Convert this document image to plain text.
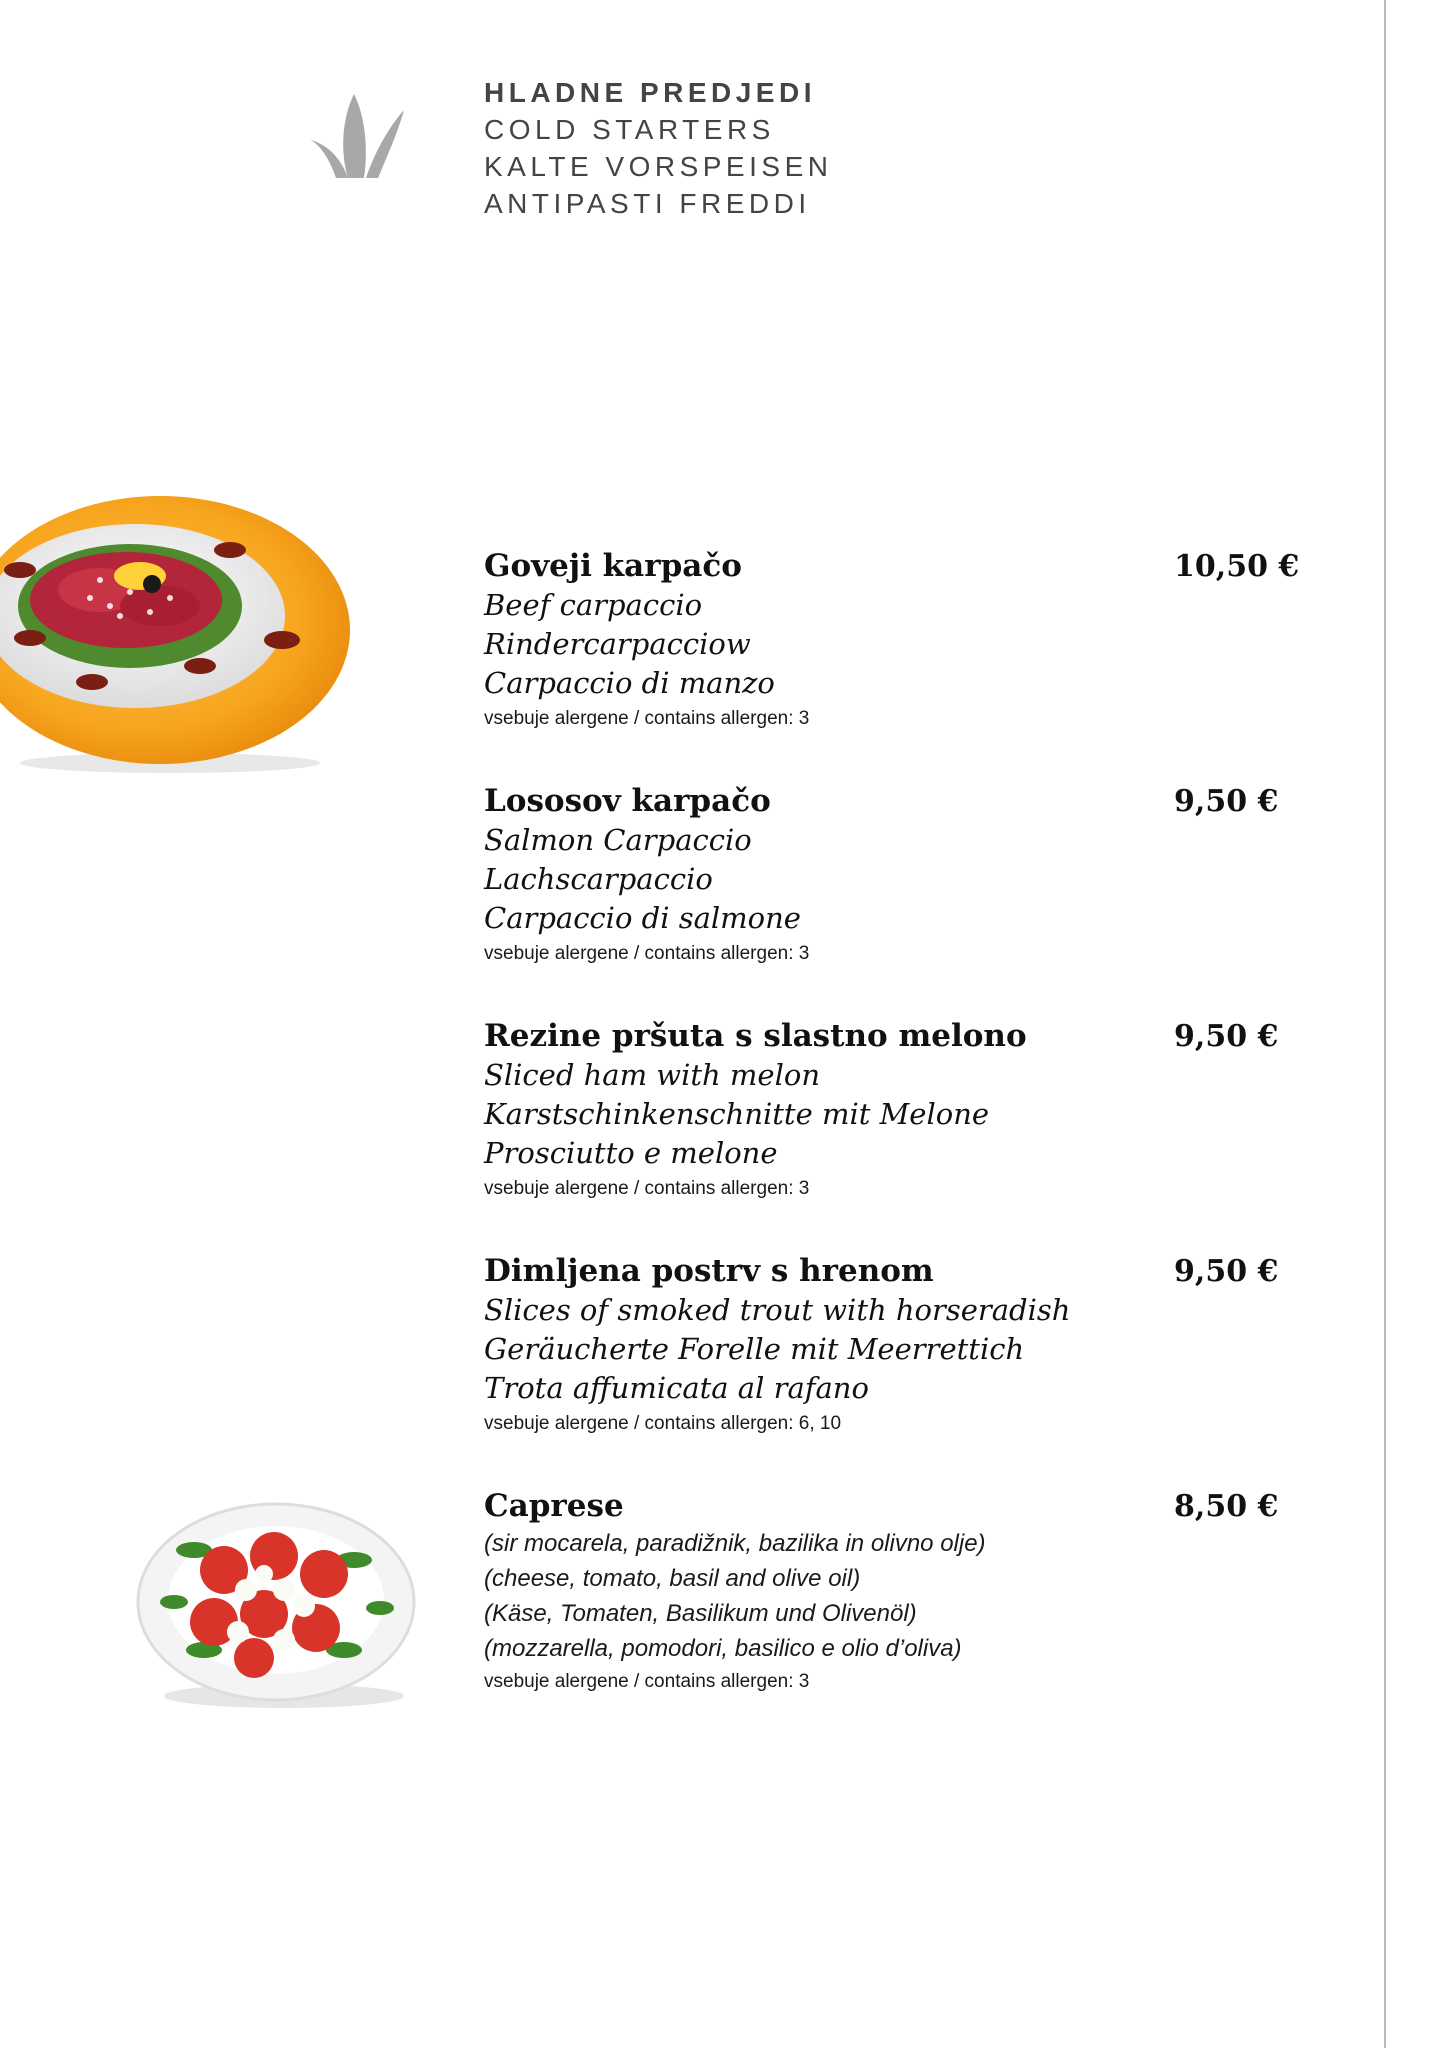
HLADNE PREDJEDI
COLD STARTERS
KALTE VORSPEISEN
ANTIPASTI FREDDI
Goveji karpačo
Beef carpaccio
Rindercarpacciow
Carpaccio di manzo
vsebuje alergene / contains allergen: 3
10,50 €
Lososov karpačo
Salmon Carpaccio
Lachscarpaccio
Carpaccio di salmone
vsebuje alergene / contains allergen: 3
9,50 €
Rezine pršuta s slastno melono
Sliced ham with melon
Karstschinkenschnitte mit Melone
Prosciutto e melone
vsebuje alergene / contains allergen: 3
9,50 €
Dimljena postrv s hrenom
Slices of smoked trout with horseradish
Geräucherte Forelle mit Meerrettich
Trota affumicata al rafano
vsebuje alergene / contains allergen: 6, 10
9,50 €
Caprese
(sir mocarela, paradižnik, bazilika in olivno olje)
(cheese, tomato, basil and olive oil)
(Käse, Tomaten, Basilikum und Olivenöl)
(mozzarella, pomodori, basilico e olio d’oliva)
vsebuje alergene / contains allergen: 3
8,50 €
